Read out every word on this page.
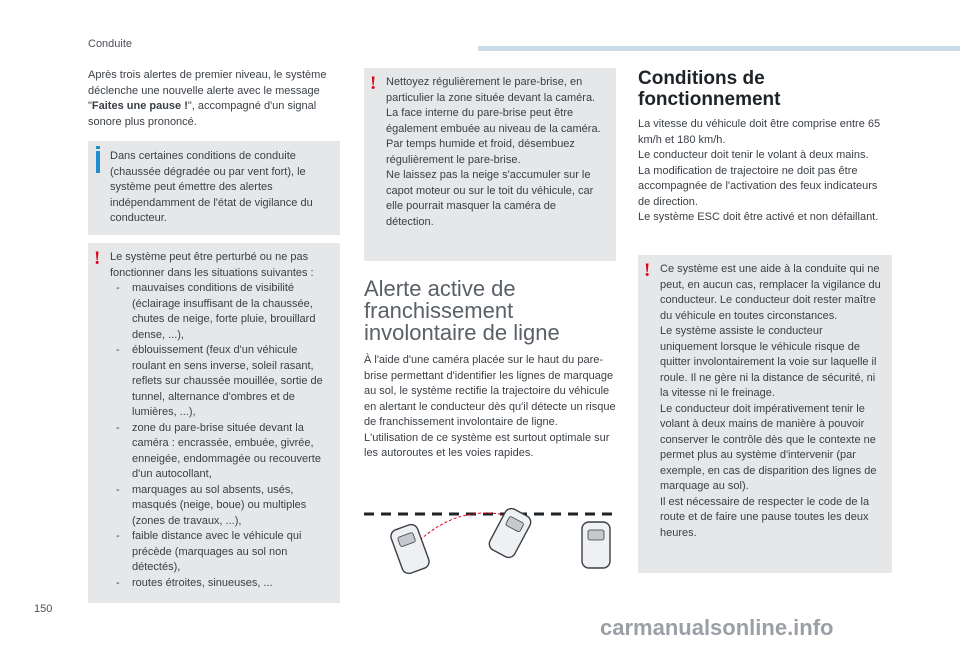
Conduite

Après trois alertes de premier niveau, le système déclenche une nouvelle alerte avec le message "Faites une pause !", accompagné d'un signal sonore plus prononcé.

Dans certaines conditions de conduite (chaussée dégradée ou par vent fort), le système peut émettre des alertes indépendamment de l'état de vigilance du conducteur.

! Le système peut être perturbé ou ne pas fonctionner dans les situations suivantes :

- mauvaises conditions de visibilité (éclairage insuffisant de la chaussée, chutes de neige, forte pluie, brouillard dense, ...),
- éblouissement (feux d'un véhicule roulant en sens inverse, soleil rasant, reflets sur chaussée mouillée, sortie de tunnel, alternance d'ombres et de lumières, ...),
- zone du pare-brise située devant la caméra : encrassée, embuée, givrée, enneigée, endommagée ou recouverte d'un autocollant,
- marquages au sol absents, usés, masqués (neige, boue) ou multiples (zones de travaux, ...),
- faible distance avec le véhicule qui précède (marquages au sol non détectés),
- routes étroites, sinueuses, ...
! Nettoyez régulièrement le pare-brise, en particulier la zone située devant la caméra.

La face interne du pare-brise peut être également embuée au niveau de la caméra. Par temps humide et froid, désembuez régulièrement le pare-brise.

Ne laissez pas la neige s'accumuler sur le capot moteur ou sur le toit du véhicule, car elle pourrait masquer la caméra de détection.

Alerte active de franchissement involontaire de ligne

À l'aide d'une caméra placée sur le haut du pare-brise permettant d'identifier les lignes de marquage au sol, le système rectifie la trajectoire du véhicule en alertant le conducteur dès qu'il détecte un risque de franchissement involontaire de ligne.

L'utilisation de ce système est surtout optimale sur les autoroutes et les voies rapides.

Conditions de fonctionnement

La vitesse du véhicule doit être comprise entre 65 km/h et 180 km/h.

Le conducteur doit tenir le volant à deux mains.

La modification de trajectoire ne doit pas être accompagnée de l'activation des feux indicateurs de direction.

Le système ESC doit être activé et non défaillant.

! Ce système est une aide à la conduite qui ne peut, en aucun cas, remplacer la vigilance du conducteur. Le conducteur doit rester maître du véhicule en toutes circonstances.

Le système assiste le conducteur uniquement lorsque le véhicule risque de quitter involontairement la voie sur laquelle il roule. Il ne gère ni la distance de sécurité, ni la vitesse ni le freinage.

Le conducteur doit impérativement tenir le volant à deux mains de manière à pouvoir conserver le contrôle dès que le contexte ne permet plus au système d'intervenir (par exemple, en cas de disparition des lignes de marquage au sol).

Il est nécessaire de respecter le code de la route et de faire une pause toutes les deux heures.

150
carmanualsonline.info
